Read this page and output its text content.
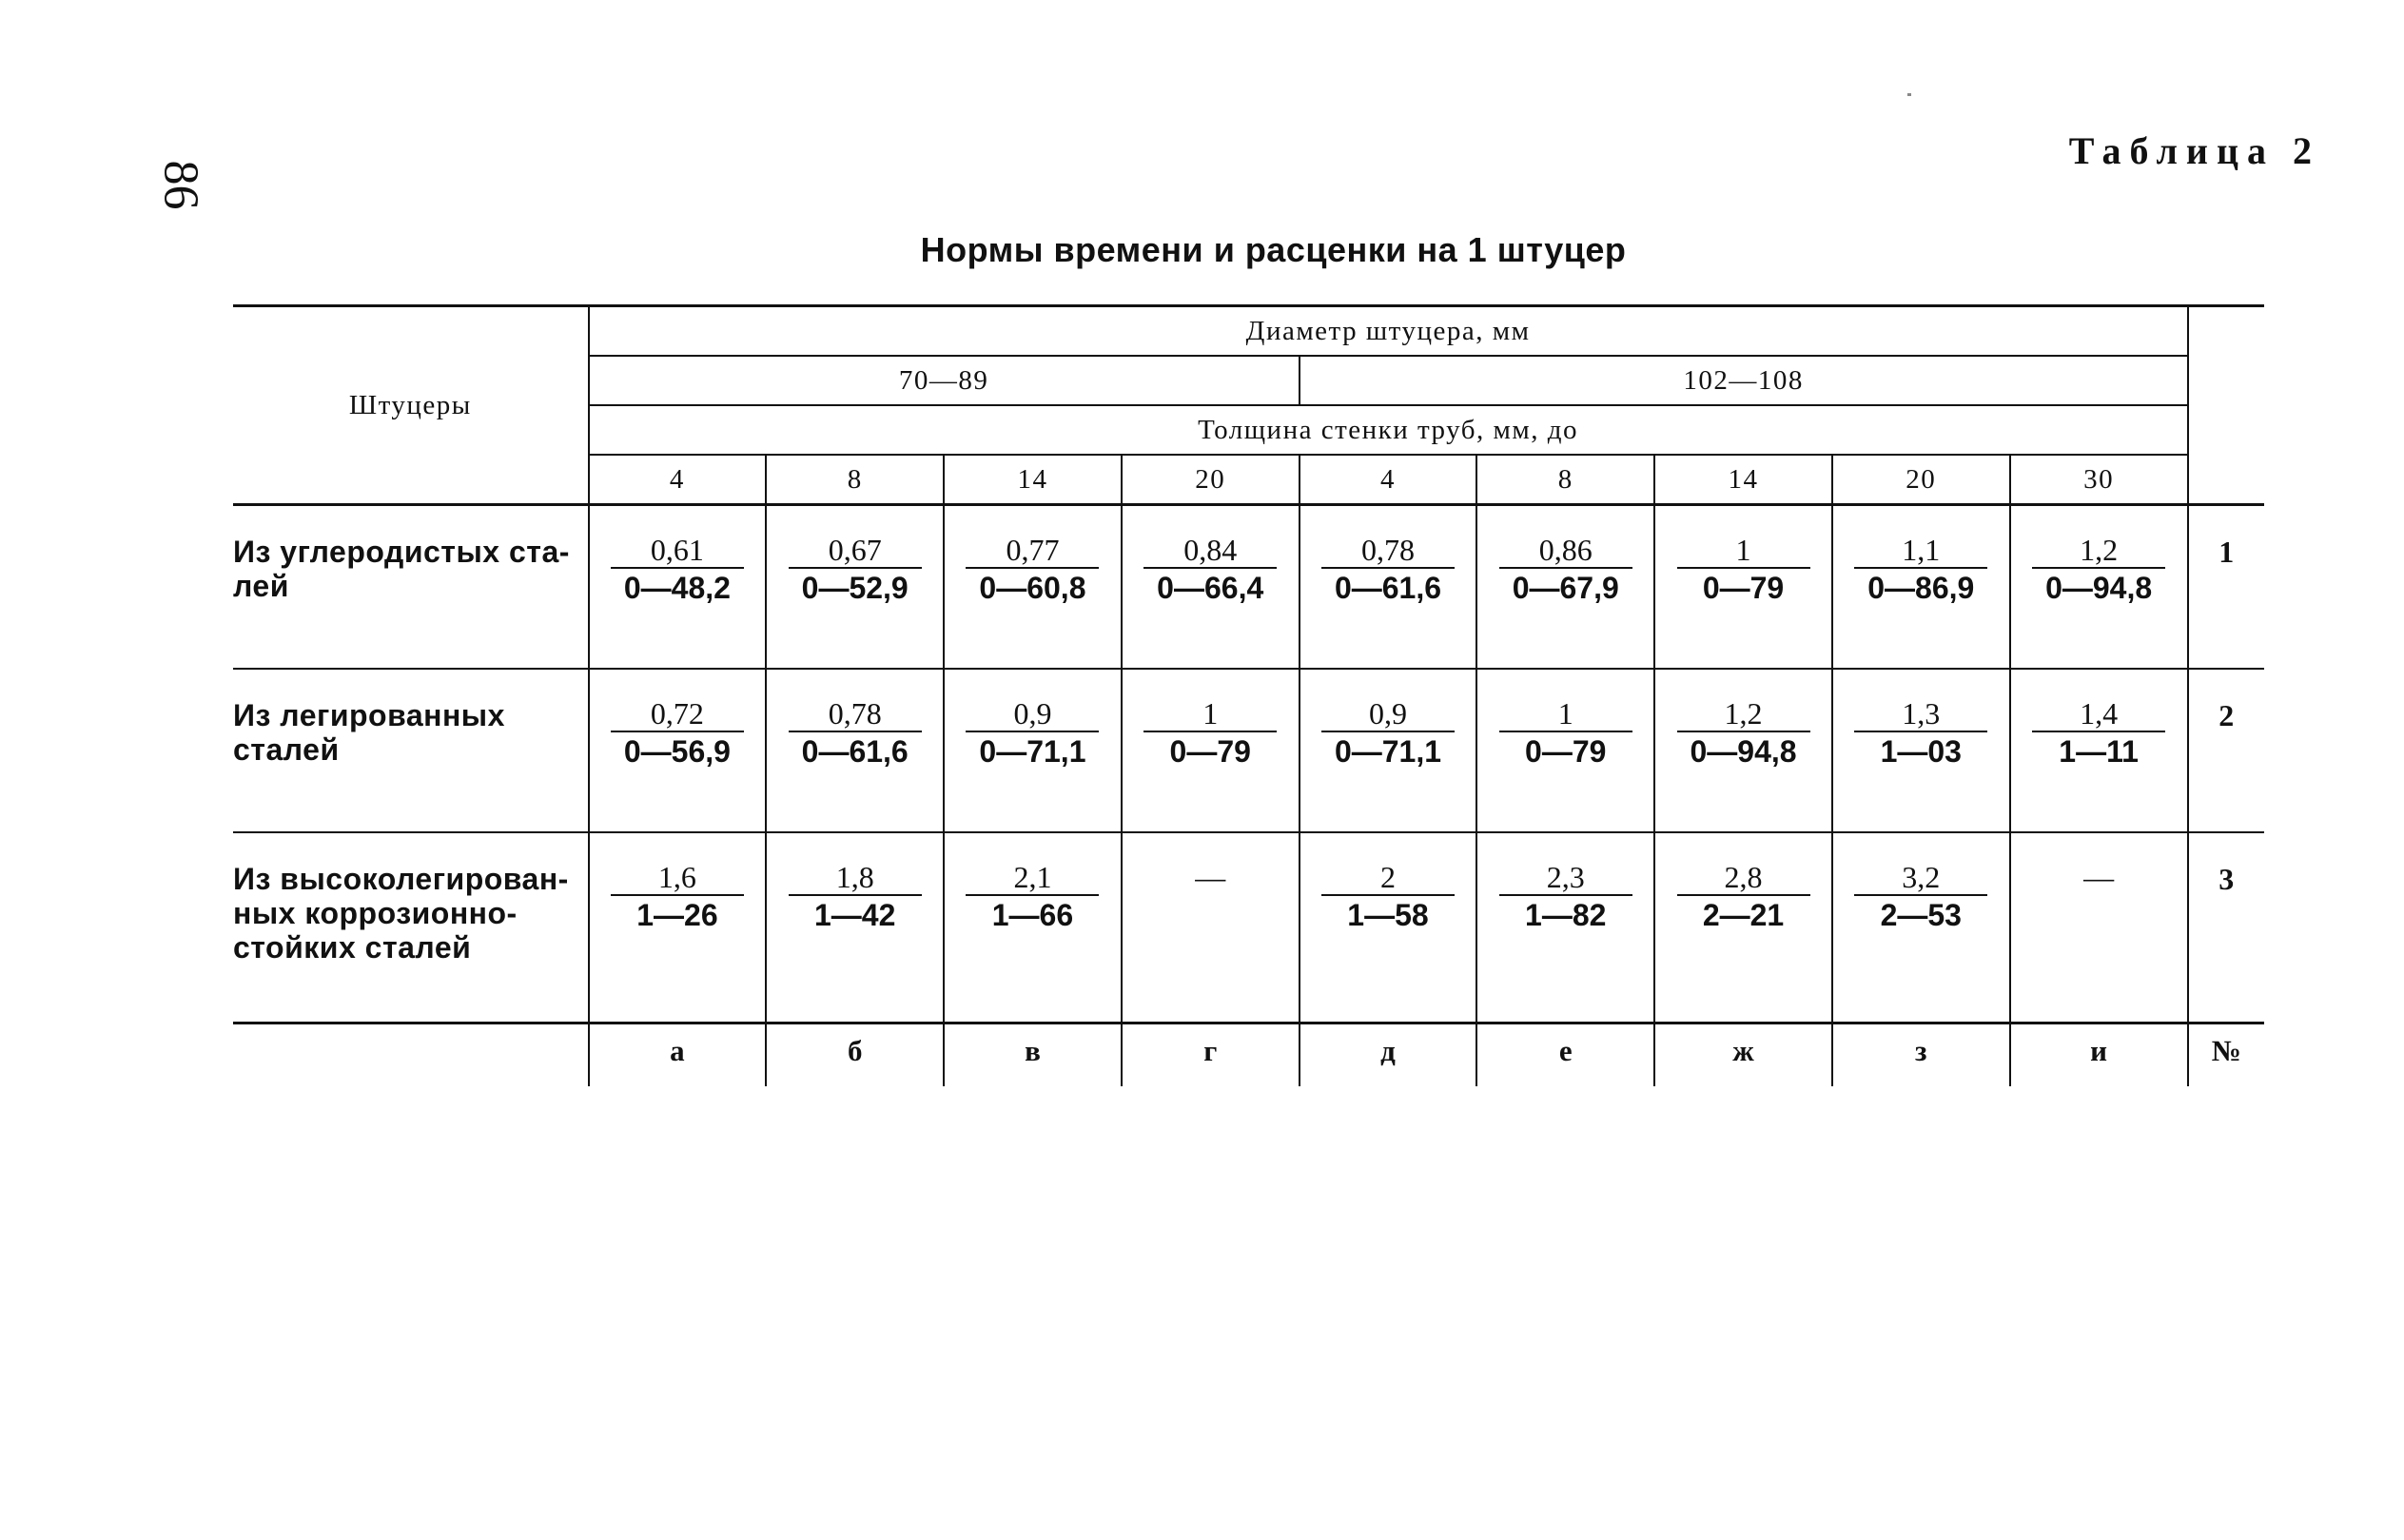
86
Таблица 2
Нормы времени и расценки на 1 штуцер
Штуцеры	Диаметр штуцера, мм									
	70—89				102—108					
	Толщина стенки труб, мм, до									
	4	8	14	20	4	8	14	20	30	
Из углеродистых ста-
лей	$\frac{0,61}{0—48,2}$	$\frac{0,67}{0—52,9}$	$\frac{0,77}{0—60,8}$	$\frac{0,84}{0—66,4}$	$\frac{0,78}{0—61,6}$	$\frac{0,86}{0—67,9}$	$\frac{1}{0—79}$	$\frac{1,1}{0—86,9}$	$\frac{1,2}{0—94,8}$	1
Из легированных
сталей	$\frac{0,72}{0—56,9}$	$\frac{0,78}{0—61,6}$	$\frac{0,9}{0—71,1}$	$\frac{1}{0—79}$	$\frac{0,9}{0—71,1}$	$\frac{1}{0—79}$	$\frac{1,2}{0—94,8}$	$\frac{1,3}{1—03}$	$\frac{1,4}{1—11}$	2
Из высоколегирован-
ных коррозионно-
стойких сталей	$\frac{1,6}{1—26}$	$\frac{1,8}{1—42}$	$\frac{2,1}{1—66}$	—	$\frac{2}{1—58}$	$\frac{2,3}{1—82}$	$\frac{2,8}{2—21}$	$\frac{3,2}{2—53}$	—	3
	а	б	в	г	д	е	ж	з	и	№
